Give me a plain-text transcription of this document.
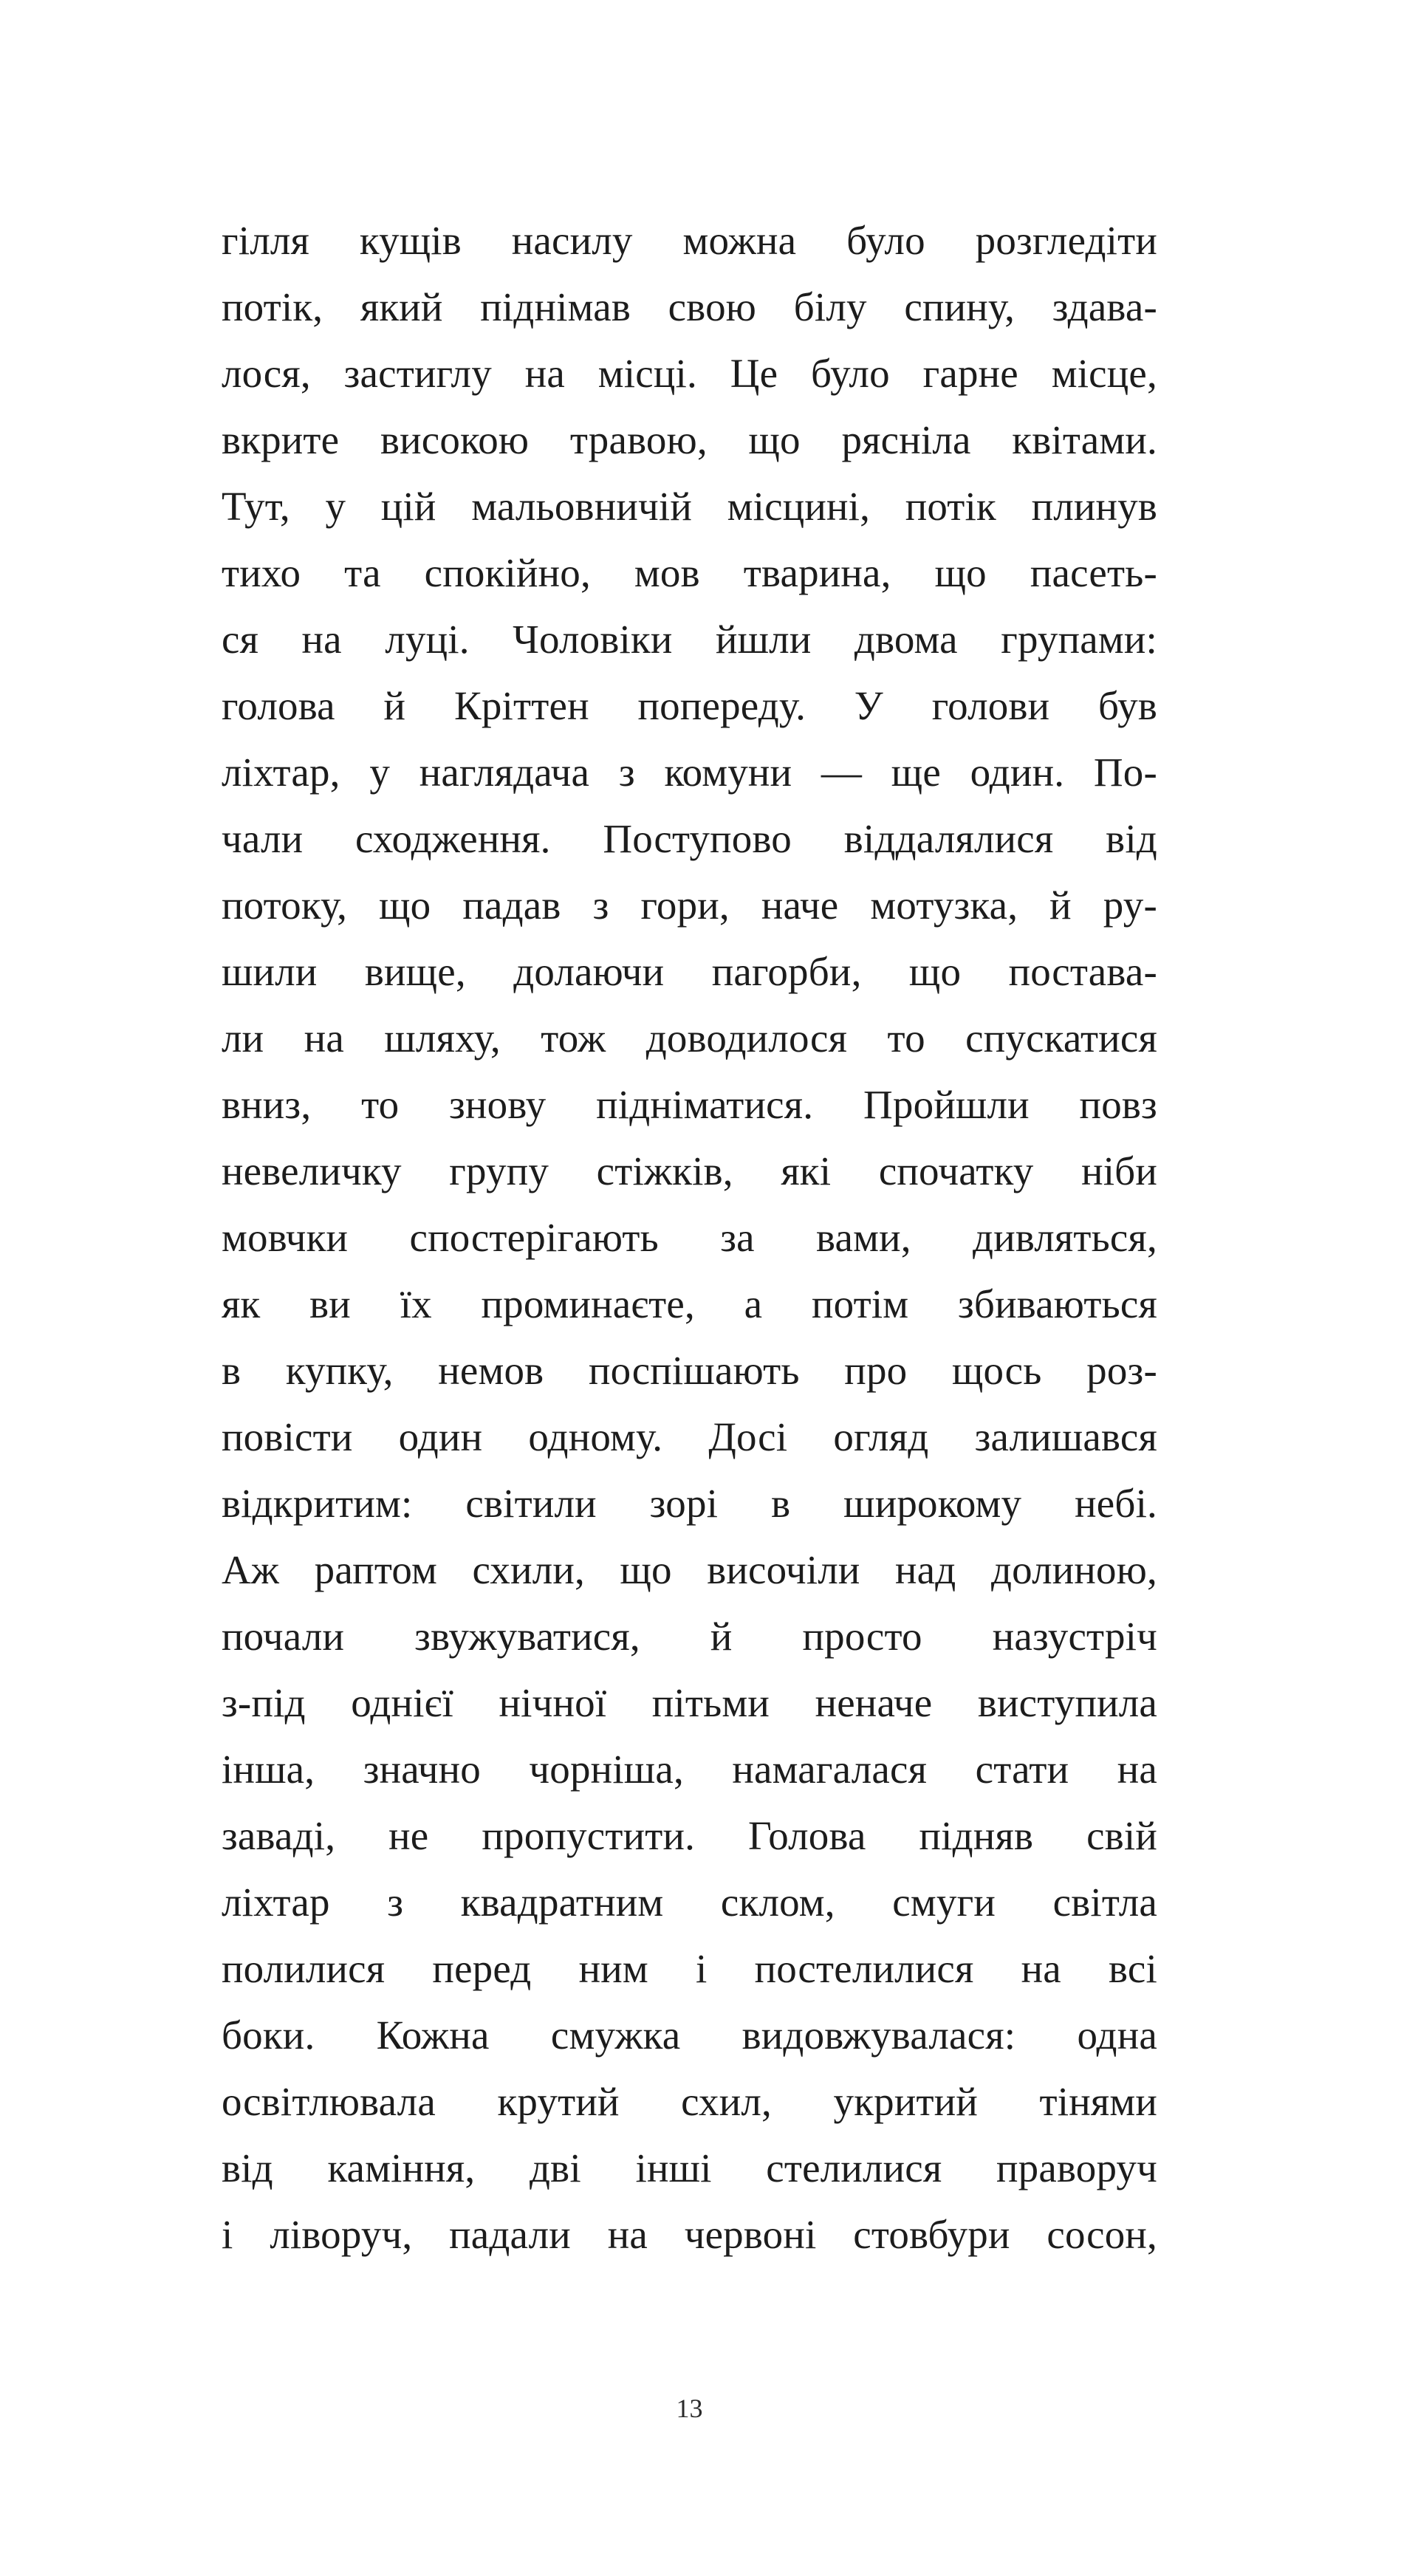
гілля кущів насилу можна було розгледіти
потік, який піднімав свою білу спину, здава-
лося, застиглу на місці. Це було гарне місце,
вкрите високою травою, що рясніла квітами.
Тут, у цій мальовничій місцині, потік плинув
тихо та спокійно, мов тварина, що пасеть-
ся на луці. Чоловіки йшли двома групами:
голова й Кріттен попереду. У голови був
ліхтар, у наглядача з комуни — ще один. По-
чали сходження. Поступово віддалялися від
потоку, що падав з гори, наче мотузка, й ру-
шили вище, долаючи пагорби, що постава-
ли на шляху, тож доводилося то спускатися
вниз, то знову підніматися. Пройшли повз
невеличку групу стіжків, які спочатку ніби
мовчки спостерігають за вами, дивляться,
як ви їх проминаєте, а потім збиваються
в купку, немов поспішають про щось роз-
повісти один одному. Досі огляд залишався
відкритим: світили зорі в широкому небі.
Аж раптом схили, що височіли над долиною,
почали звужуватися, й просто назустріч
з-під однієї нічної пітьми неначе виступила
інша, значно чорніша, намагалася стати на
заваді, не пропустити. Голова підняв свій
ліхтар з квадратним склом, смуги світла
полилися перед ним і постелилися на всі
боки. Кожна смужка видовжувалася: одна
освітлювала крутий схил, укритий тінями
від каміння, дві інші стелилися праворуч
і ліворуч, падали на червоні стовбури сосон,
13
